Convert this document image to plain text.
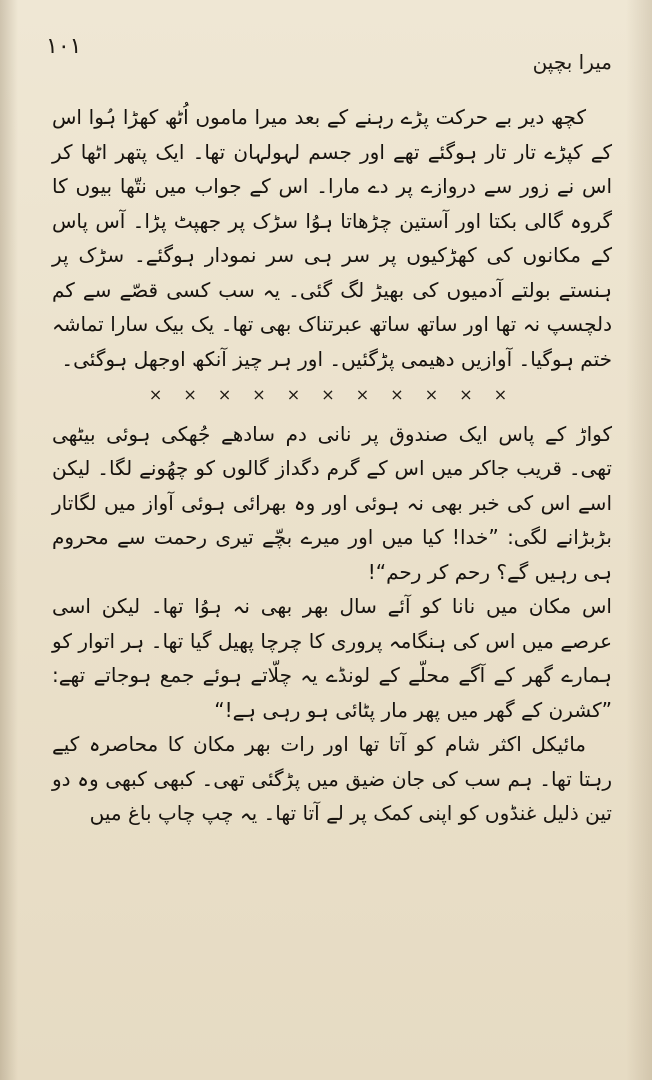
١٠١
میرا بچپن

کچھ دیر بے حرکت پڑے رہنے کے بعد میرا ماموں اُٹھ کھڑا ہُوا اس کے کپڑے تار تار ہوگئے تھے اور جسم لہولہان تھا۔ ایک پتھر اٹھا کر اس نے زور سے دروازے پر دے مارا۔ اس کے جواب میں نتّھا بیوں کا گروہ گالی بکتا اور آستین چڑھاتا ہوُا سڑک پر جھپٹ پڑا۔ آس پاس کے مکانوں کی کھڑکیوں پر سر ہی سر نمودار ہوگئے۔ سڑک پر ہنستے بولتے آدمیوں کی بھیڑ لگ گئی۔ یہ سب کسی قصّے سے کم دلچسپ نہ تھا اور ساتھ ساتھ عبرتناک بھی تھا۔ یک بیک سارا تماشہ ختم ہوگیا۔ آوازیں دھیمی پڑگئیں۔ اور ہر چیز آنکھ اوجھل ہوگئی۔

× × × × × × × × × × ×

کواڑ کے پاس ایک صندوق پر نانی دم سادھے جُھکی ہوئی بیٹھی تھی۔ قریب جاکر میں اس کے گرم دگداز گالوں کو چھُونے لگا۔ لیکن اسے اس کی خبر بھی نہ ہوئی اور وہ بھرائی ہوئی آواز میں لگاتار بڑبڑانے لگی: ”خدا! کیا میں اور میرے بچّے تیری رحمت سے محروم ہی رہیں گے؟ رحم کر رحم“!

اس مکان میں نانا کو آئے سال بھر بھی نہ ہوُا تھا۔ لیکن اسی عرصے میں اس کی ہنگامہ پروری کا چرچا پھیل گیا تھا۔ ہر اتوار کو ہمارے گھر کے آگے محلّے کے لونڈے یہ چلّاتے ہوئے جمع ہوجاتے تھے: ”کشرن کے گھر میں پھر مار پٹائی ہو رہی ہے!“

مائیکل اکثر شام کو آتا تھا اور رات بھر مکان کا محاصرہ کیے رہتا تھا۔ ہم سب کی جان ضیق میں پڑگئی تھی۔ کبھی کبھی وہ دو تین ذلیل غنڈوں کو اپنی کمک پر لے آتا تھا۔ یہ چپ چاپ باغ میں
